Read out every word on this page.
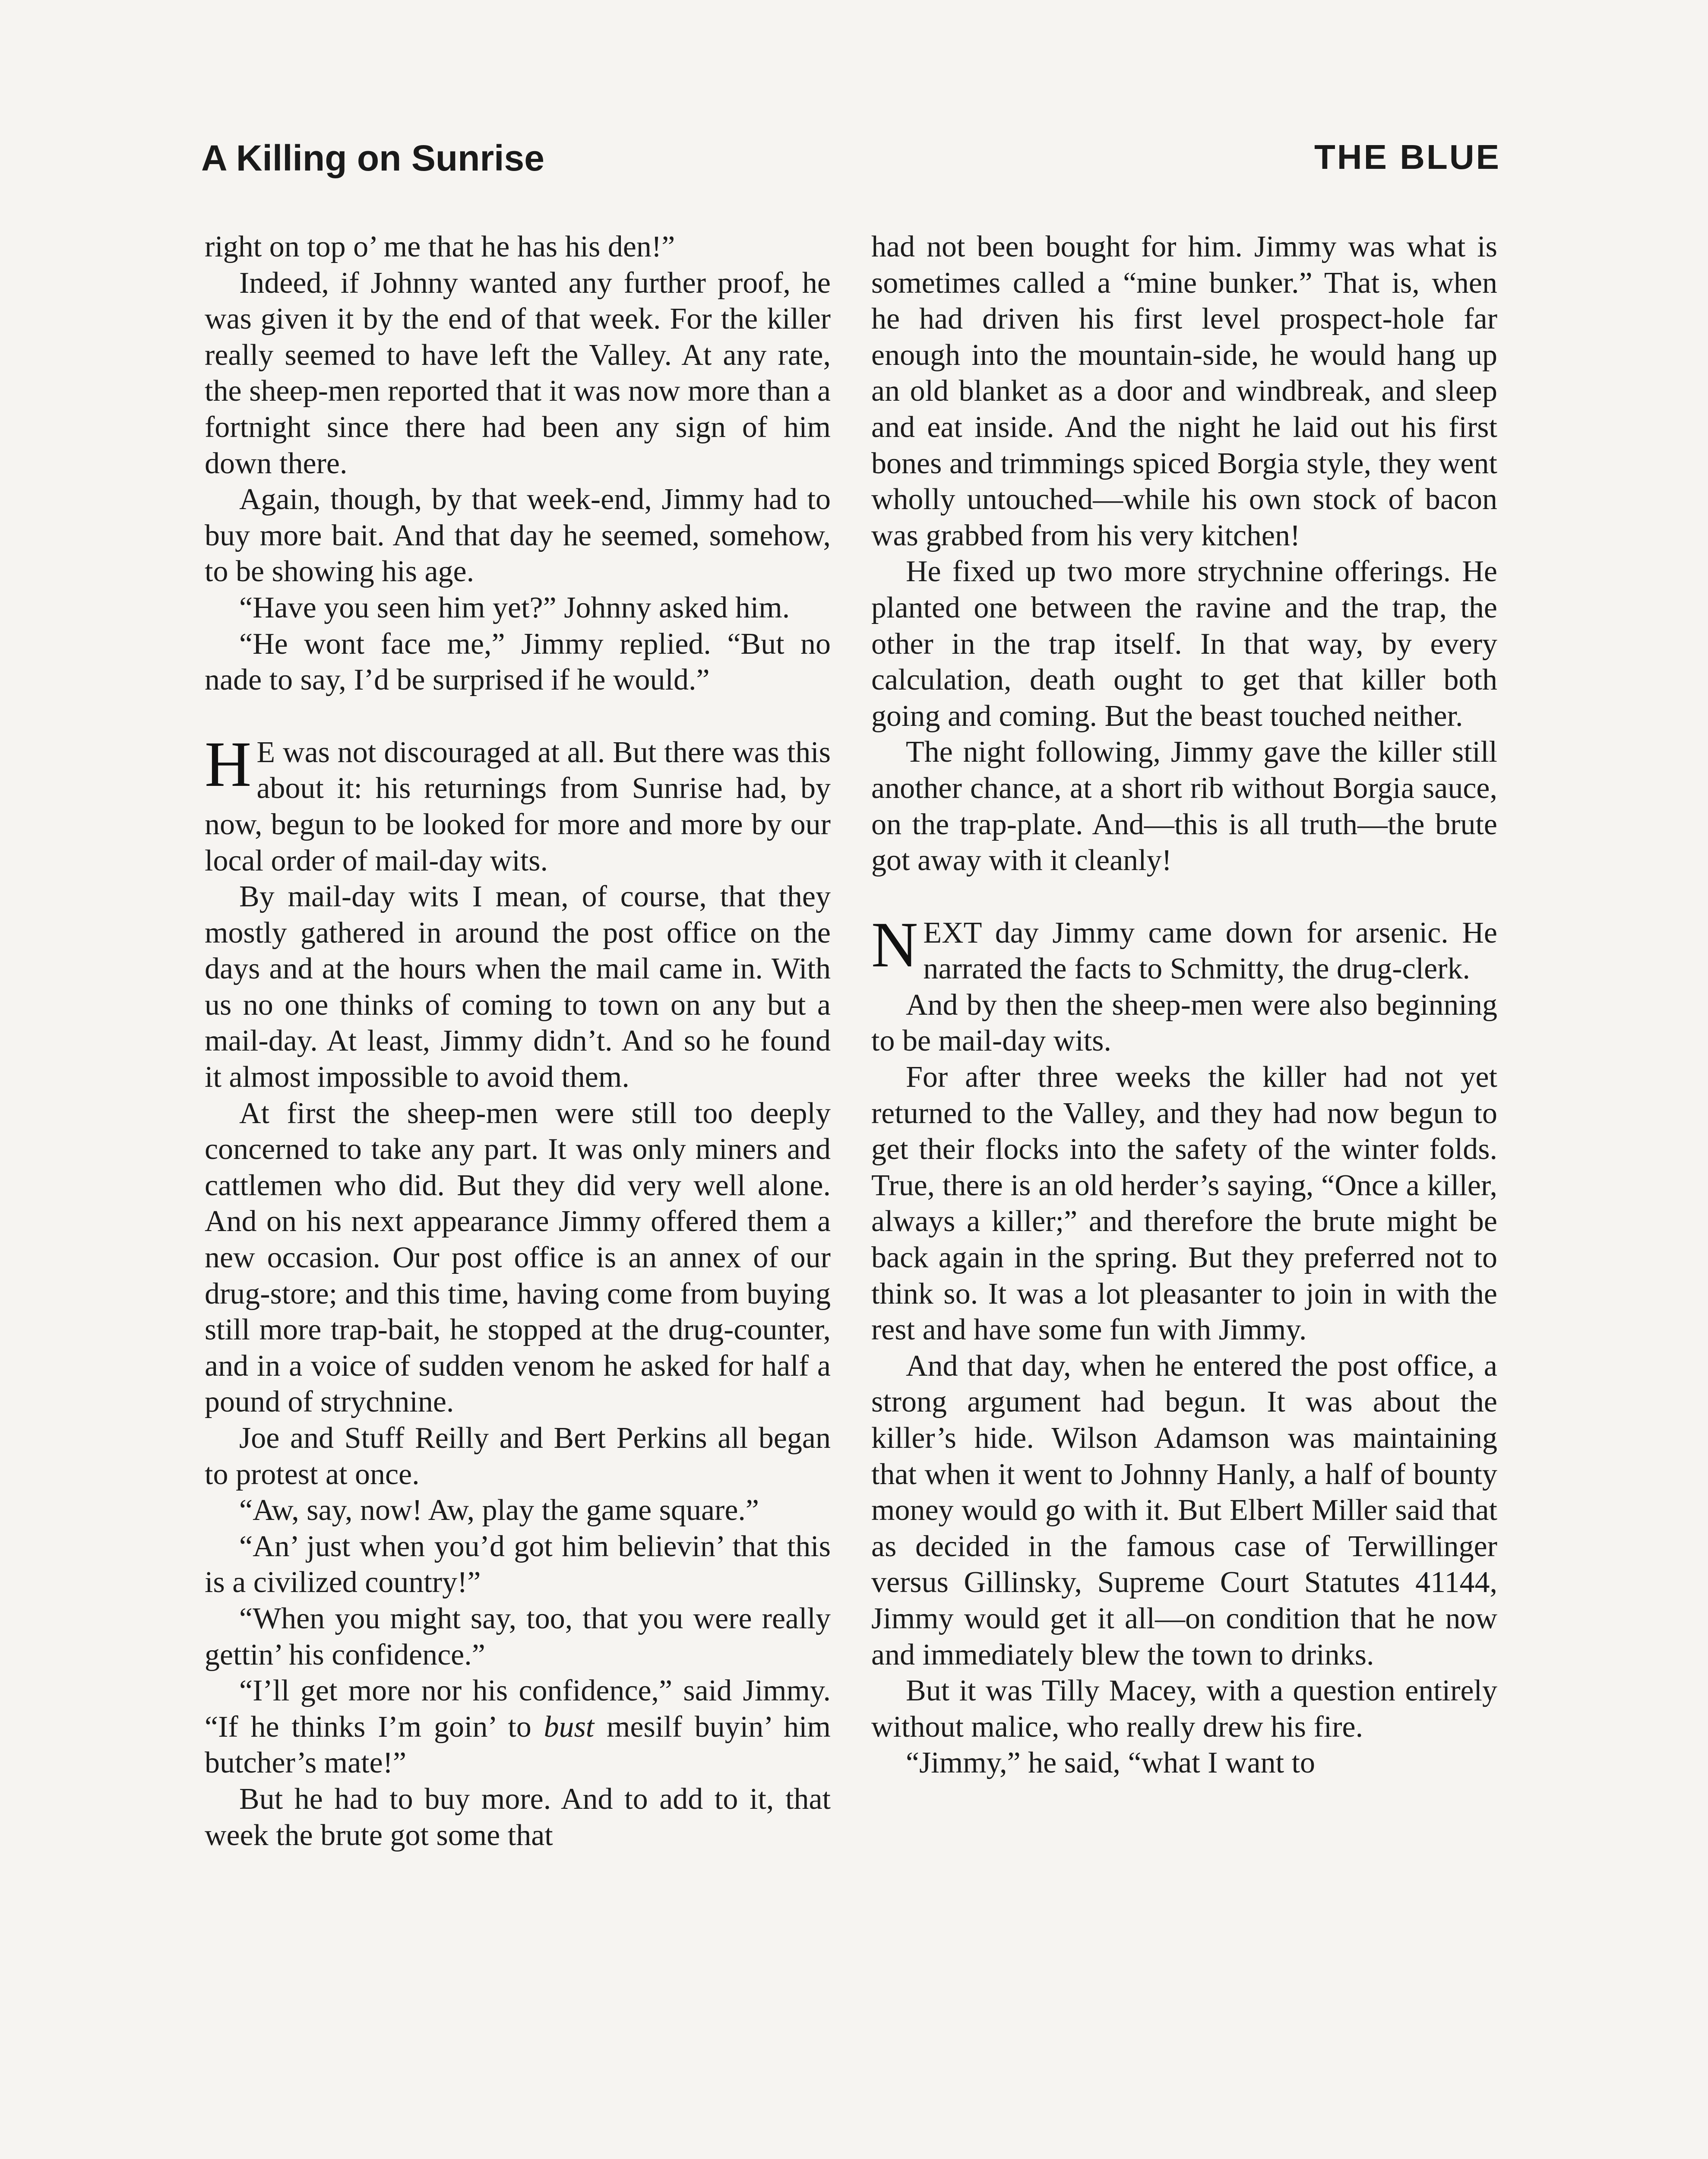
A Killing on Sunrise	THE BLUE

right on top o’ me that he has his den!”

Indeed, if Johnny wanted any further proof, he was given it by the end of that week. For the killer really seemed to have left the Valley. At any rate, the sheep-men reported that it was now more than a fortnight since there had been any sign of him down there.

Again, though, by that week-end, Jimmy had to buy more bait. And that day he seemed, somehow, to be showing his age.

“Have you seen him yet?” Johnny asked him.

“He wont face me,” Jimmy replied. “But no nade to say, I’d be surprised if he would.”

H E was not discouraged at all. But there was this about it: his returnings from Sunrise had, by now, begun to be looked for more and more by our local order of mail-day wits.

By mail-day wits I mean, of course, that they mostly gathered in around the post office on the days and at the hours when the mail came in. With us no one thinks of coming to town on any but a mail-day. At least, Jimmy didn’t. And so he found it almost impossible to avoid them.

At first the sheep-men were still too deeply concerned to take any part. It was only miners and cattlemen who did. But they did very well alone. And on his next appearance Jimmy offered them a new occasion. Our post office is an annex of our drug-store; and this time, having come from buying still more trap-bait, he stopped at the drug-counter, and in a voice of sudden venom he asked for half a pound of strychnine.

Joe and Stuff Reilly and Bert Perkins all began to protest at once.

“Aw, say, now! Aw, play the game square.”

“An’ just when you’d got him believin’ that this is a civilized country!”

“When you might say, too, that you were really gettin’ his confidence.”

“I’ll get more nor his confidence,” said Jimmy. “If he thinks I’m goin’ to bust mesilf buyin’ him butcher’s mate!”

But he had to buy more. And to add to it, that week the brute got some that

had not been bought for him. Jimmy was what is sometimes called a “mine bunker.” That is, when he had driven his first level prospect-hole far enough into the mountain-side, he would hang up an old blanket as a door and windbreak, and sleep and eat inside. And the night he laid out his first bones and trimmings spiced Borgia style, they went wholly untouched—while his own stock of bacon was grabbed from his very kitchen!

He fixed up two more strychnine offerings. He planted one between the ravine and the trap, the other in the trap itself. In that way, by every calculation, death ought to get that killer both going and coming. But the beast touched neither.

The night following, Jimmy gave the killer still another chance, at a short rib without Borgia sauce, on the trap-plate. And—this is all truth—the brute got away with it cleanly!

NEXT day Jimmy came down for arsenic. He narrated the facts to Schmitty, the drug-clerk.

And by then the sheep-men were also beginning to be mail-day wits.

For after three weeks the killer had not yet returned to the Valley, and they had now begun to get their flocks into the safety of the winter folds. True, there is an old herder’s saying, “Once a killer, always a killer;” and therefore the brute might be back again in the spring. But they preferred not to think so. It was a lot pleasanter to join in with the rest and have some fun with Jimmy.

And that day, when he entered the post office, a strong argument had begun. It was about the killer’s hide. Wilson Adamson was maintaining that when it went to Johnny Hanly, a half of bounty money would go with it. But Elbert Miller said that as decided in the famous case of Terwillinger versus Gillinsky, Supreme Court Statutes 41144, Jimmy would get it all—on condition that he now and immediately blew the town to drinks.

But it was Tilly Macey, with a question entirely without malice, who really drew his fire.

“Jimmy,” he said, “what I want to
